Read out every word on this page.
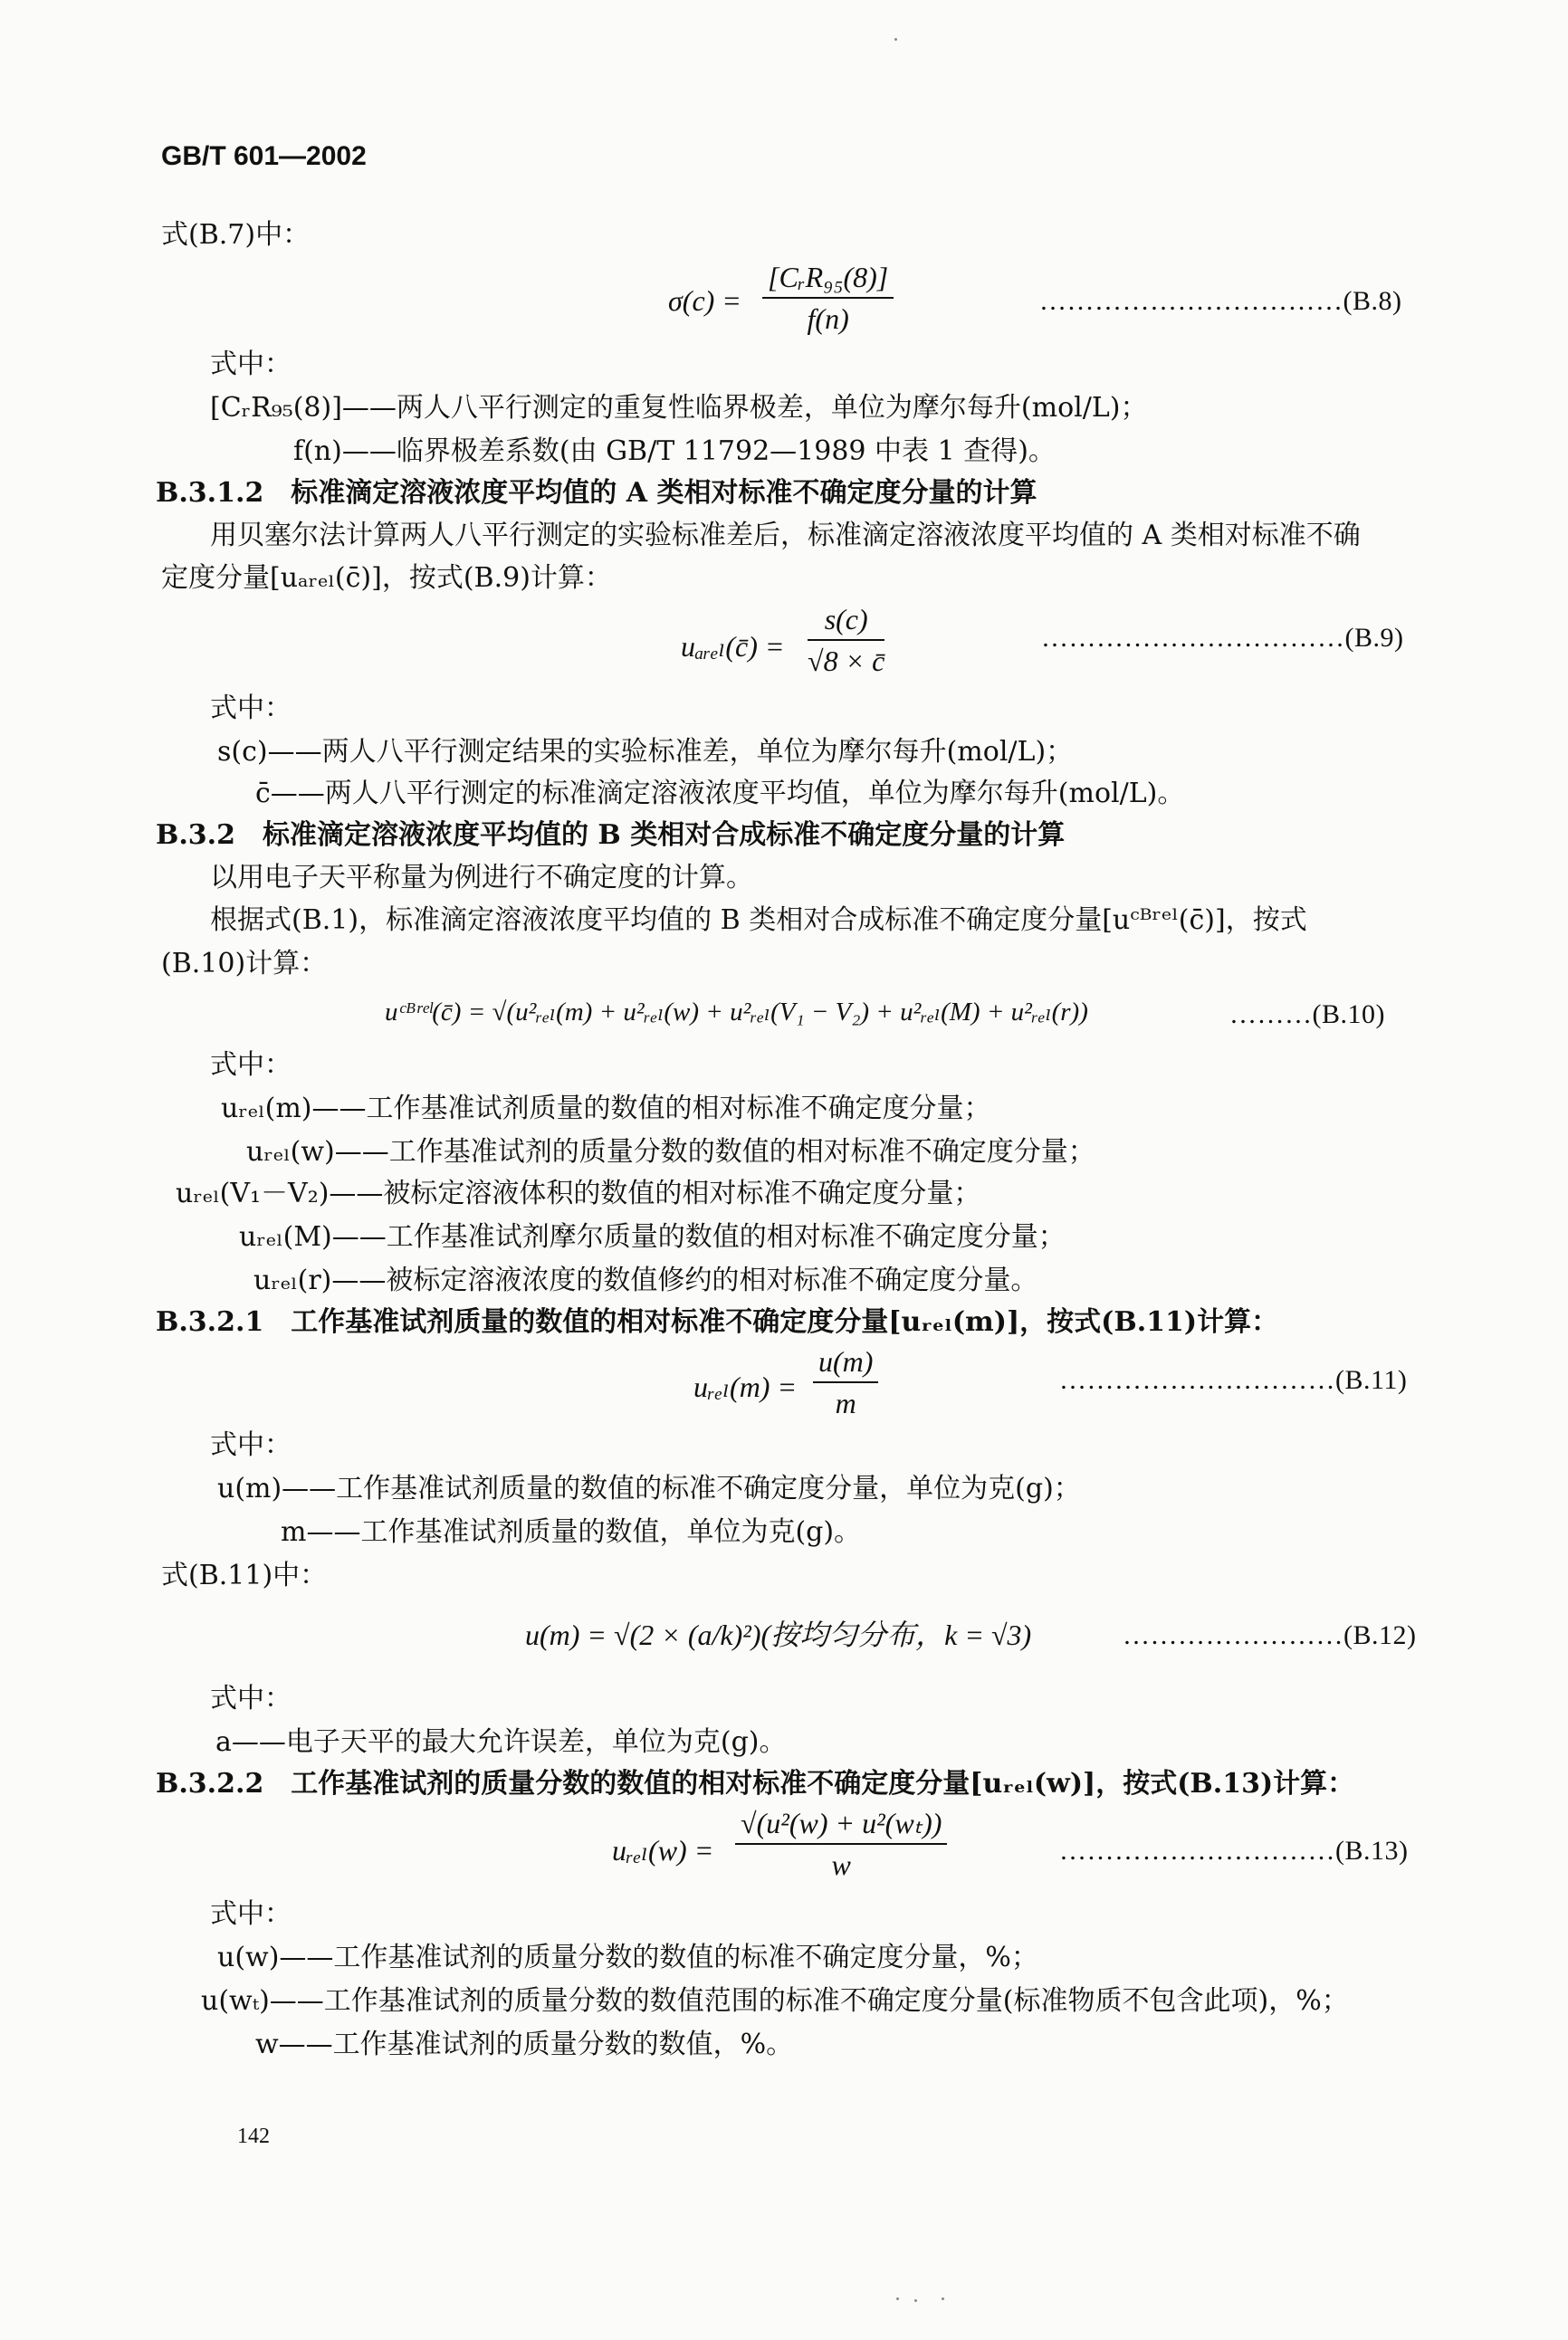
GB/T 601—2002
式(B.7)中：
σ(c) =
[CᵣR₉₅(8)]
f(n)
……………………………(B.8)
式中：
[CᵣR₉₅(8)]——两人八平行测定的重复性临界极差，单位为摩尔每升(mol/L)；
f(n)——临界极差系数(由 GB/T 11792—1989 中表 1 查得)。
B.3.1.2　标准滴定溶液浓度平均值的 A 类相对标准不确定度分量的计算
用贝塞尔法计算两人八平行测定的实验标准差后，标准滴定溶液浓度平均值的 A 类相对标准不确
定度分量[uₐᵣₑₗ(c̄)]，按式(B.9)计算：
uₐᵣₑₗ(c̄) = $\frac{s(c)}{√8 \times c̄}$	……………………………(B.9)
式中：
s(c)——两人八平行测定结果的实验标准差，单位为摩尔每升(mol/L)；
c̄——两人八平行测定的标准滴定溶液浓度平均值，单位为摩尔每升(mol/L)。
B.3.2　标准滴定溶液浓度平均值的 B 类相对合成标准不确定度分量的计算
以用电子天平称量为例进行不确定度的计算。
根据式(B.1)，标准滴定溶液浓度平均值的 B 类相对合成标准不确定度分量[uᶜᴮʳᵉˡ(c̄)]，按式
(B.10)计算：
uᶜᴮʳᵉˡ(c̄) = √(u²ᵣₑₗ(m) + u²ᵣₑₗ(w) + u²ᵣₑₗ(V₁ − V₂) + u²ᵣₑₗ(M) + u²ᵣₑₗ(r))	………(B.10)
式中：
uᵣₑₗ(m)——工作基准试剂质量的数值的相对标准不确定度分量；
uᵣₑₗ(w)——工作基准试剂的质量分数的数值的相对标准不确定度分量；
uᵣₑₗ(V₁－V₂)——被标定溶液体积的数值的相对标准不确定度分量；
uᵣₑₗ(M)——工作基准试剂摩尔质量的数值的相对标准不确定度分量；
uᵣₑₗ(r)——被标定溶液浓度的数值修约的相对标准不确定度分量。
B.3.2.1　工作基准试剂质量的数值的相对标准不确定度分量[uᵣₑₗ(m)]，按式(B.11)计算：
uᵣₑₗ(m) = $\frac{u(m)}{m}$	…………………………(B.11)
式中：
u(m)——工作基准试剂质量的数值的标准不确定度分量，单位为克(g)；
m——工作基准试剂质量的数值，单位为克(g)。
式(B.11)中：
u(m) = √(2 × (a/k)²)(按均匀分布，k = √3)	……………………(B.12)
式中：
a——电子天平的最大允许误差，单位为克(g)。
B.3.2.2　工作基准试剂的质量分数的数值的相对标准不确定度分量[uᵣₑₗ(w)]，按式(B.13)计算：
uᵣₑₗ(w) = $\frac{\text{√(u²(w) + u²(wₜ))}}{w}$	…………………………(B.13)
式中：
u(w)——工作基准试剂的质量分数的数值的标准不确定度分量，%；
u(wₜ)——工作基准试剂的质量分数的数值范围的标准不确定度分量(标准物质不包含此项)，%；
w——工作基准试剂的质量分数的数值，%。
142
